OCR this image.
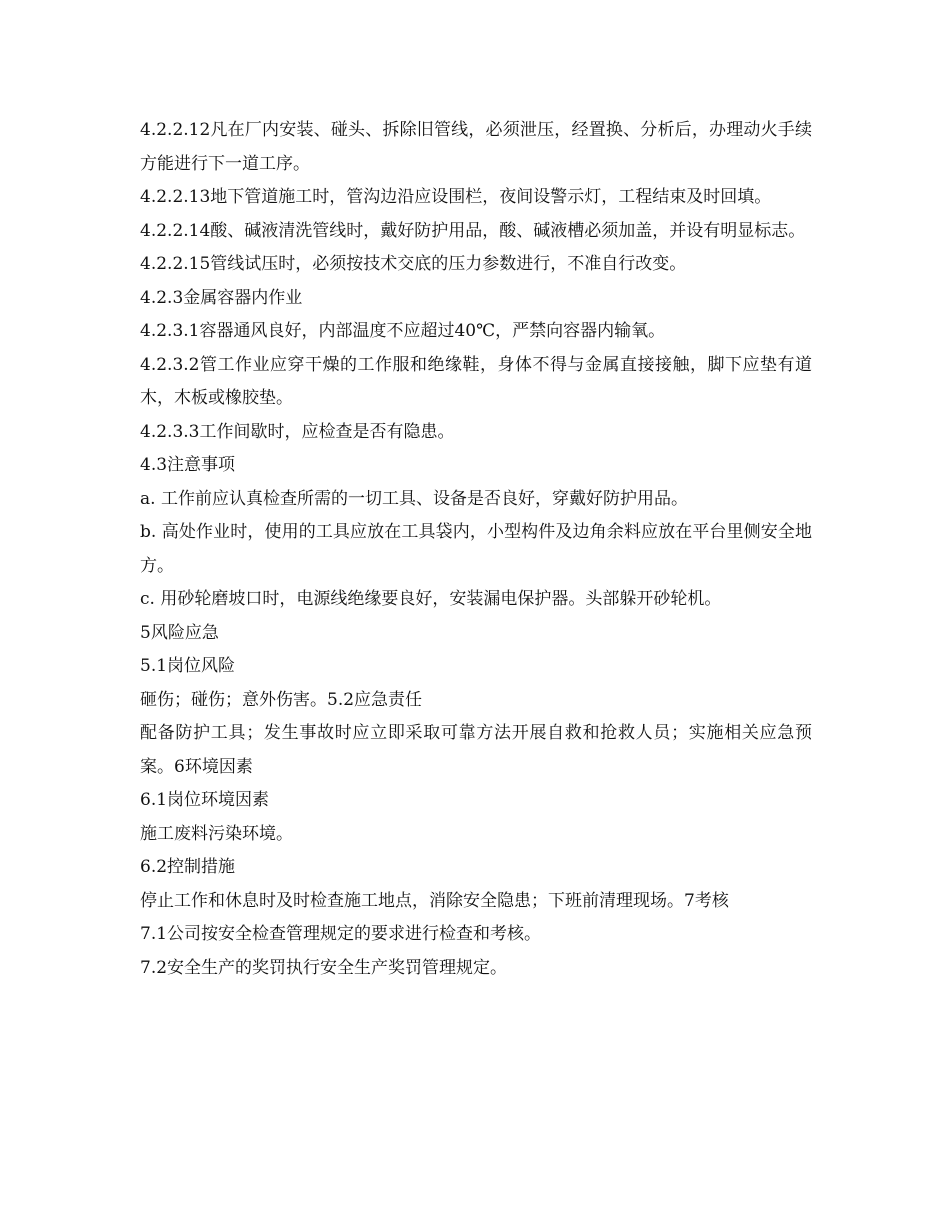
4.2.2.12凡在厂内安装、碰头、拆除旧管线，必须泄压，经置换、分析后，办理动火手续方能进行下一道工序。

4.2.2.13地下管道施工时，管沟边沿应设围栏，夜间设警示灯，工程结束及时回填。

4.2.2.14酸、碱液清洗管线时，戴好防护用品，酸、碱液槽必须加盖，并设有明显标志。

4.2.2.15管线试压时，必须按技术交底的压力参数进行，不准自行改变。

4.2.3金属容器内作业

4.2.3.1容器通风良好，内部温度不应超过40℃，严禁向容器内输氧。

4.2.3.2管工作业应穿干燥的工作服和绝缘鞋，身体不得与金属直接接触，脚下应垫有道木，木板或橡胶垫。

4.2.3.3工作间歇时，应检查是否有隐患。

4.3注意事项

a. 工作前应认真检查所需的一切工具、设备是否良好，穿戴好防护用品。

b. 高处作业时，使用的工具应放在工具袋内，小型构件及边角余料应放在平台里侧安全地方。

c. 用砂轮磨坡口时，电源线绝缘要良好，安装漏电保护器。头部躲开砂轮机。

5风险应急

5.1岗位风险

砸伤；碰伤；意外伤害。5.2应急责任

配备防护工具；发生事故时应立即采取可靠方法开展自救和抢救人员；实施相关应急预案。6环境因素

6.1岗位环境因素

施工废料污染环境。

6.2控制措施

停止工作和休息时及时检查施工地点，消除安全隐患；下班前清理现场。7考核

7.1公司按安全检查管理规定的要求进行检查和考核。

7.2安全生产的奖罚执行安全生产奖罚管理规定。
